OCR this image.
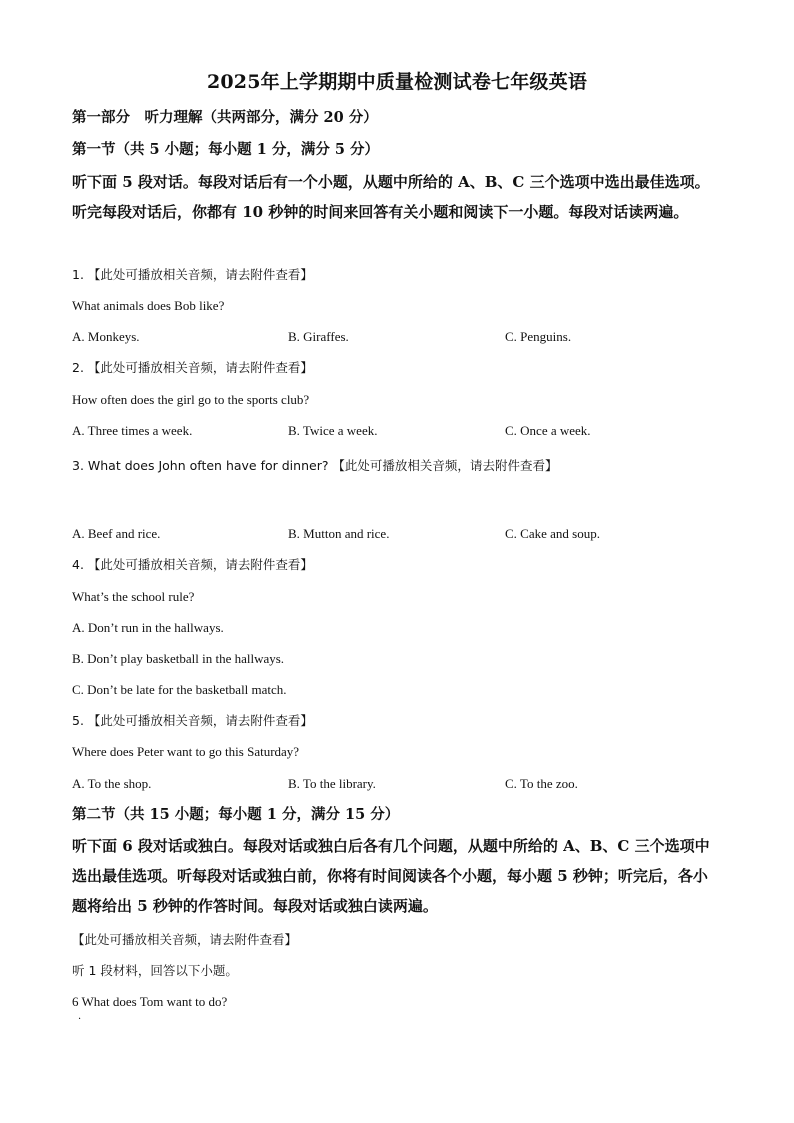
2025年上学期期中质量检测试卷七年级英语
第一部分　听力理解（共两部分，满分 20 分）
第一节（共 5 小题；每小题 1 分，满分 5 分）
听下面 5 段对话。每段对话后有一个小题，从题中所给的 A、B、C 三个选项中选出最佳选项。听完每段对话后，你都有 10 秒钟的时间来回答有关小题和阅读下一小题。每段对话读两遍。
1. 【此处可播放相关音频，请去附件查看】
What animals does Bob like?
A. Monkeys.	B. Giraffes.	C. Penguins.
2. 【此处可播放相关音频，请去附件查看】
How often does the girl go to the sports club?
A. Three times a week.	B. Twice a week.	C. Once a week.
3. What does John often have for dinner? 【此处可播放相关音频，请去附件查看】
A. Beef and rice.	B. Mutton and rice.	C. Cake and soup.
4. 【此处可播放相关音频，请去附件查看】
What’s the school rule?
A. Don’t run in the hallways.
B. Don’t play basketball in the hallways.
C. Don’t be late for the basketball match.
5. 【此处可播放相关音频，请去附件查看】
Where does Peter want to go this Saturday?
A. To the shop.	B. To the library.	C. To the zoo.
第二节（共 15 小题；每小题 1 分，满分 15 分）
听下面 6 段对话或独白。每段对话或独白后各有几个问题，从题中所给的 A、B、C 三个选项中选出最佳选项。听每段对话或独白前，你将有时间阅读各个小题，每小题 5 秒钟；听完后，各小题将给出 5 秒钟的作答时间。每段对话或独白读两遍。
【此处可播放相关音频，请去附件查看】
听 1 段材料，回答以下小题。
6 What does Tom want to do?
·
